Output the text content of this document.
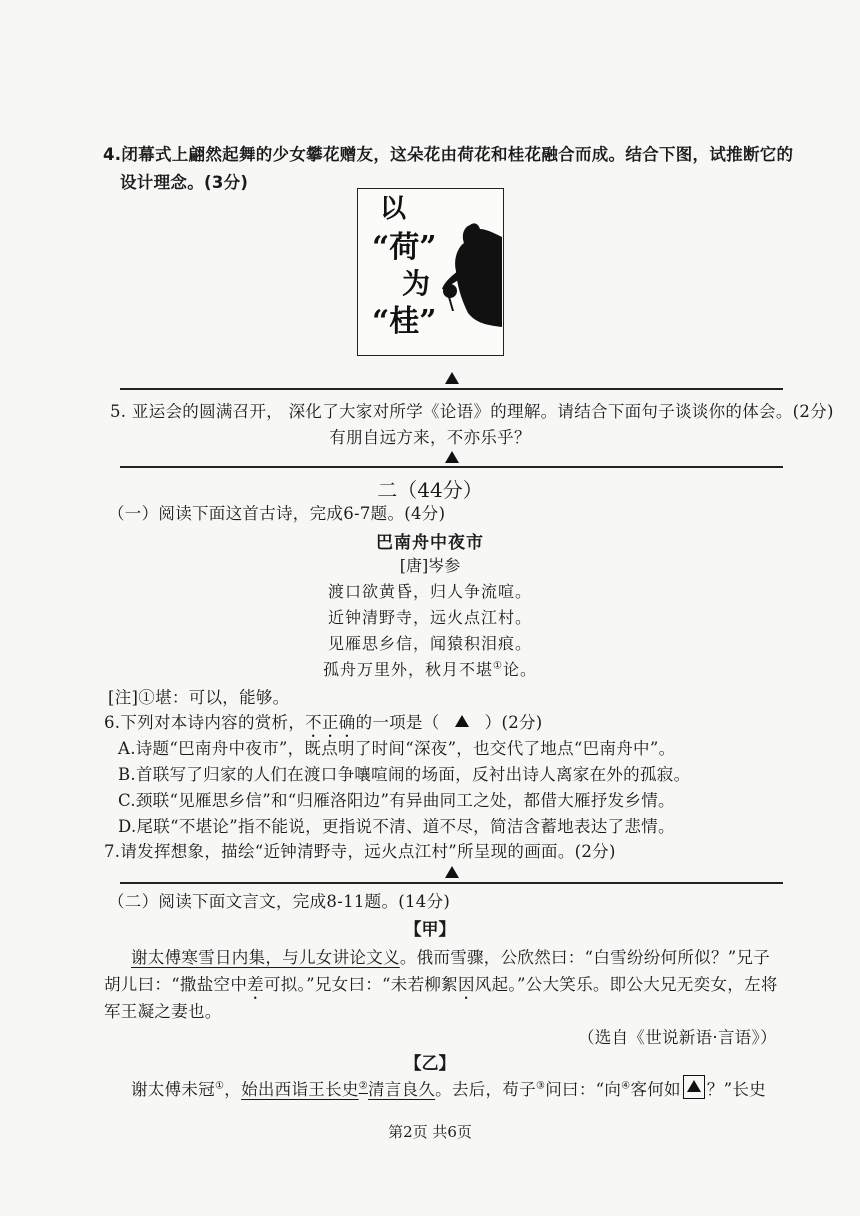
4.闭幕式上翩然起舞的少女攀花赠友，这朵花由荷花和桂花融合而成。结合下图，试推断它的
设计理念。(3分)
以
“荷”
为
“桂”
5. 亚运会的圆满召开， 深化了大家对所学《论语》的理解。请结合下面句子谈谈你的体会。(2分)
有朋自远方来，不亦乐乎？
二（44分）
（一）阅读下面这首古诗，完成6-7题。(4分)
巴南舟中夜市
[唐]岑参
渡口欲黄昏，归人争流喧。
近钟清野寺，远火点江村。
见雁思乡信，闻猿积泪痕。
孤舟万里外，秋月不堪①论。
[注]①堪：可以，能够。
6.下列对本诗内容的赏析，不正确的一项是（	）(2分)
A.诗题“巴南舟中夜市”，既点明了时间“深夜”，也交代了地点“巴南舟中”。
B.首联写了归家的人们在渡口争嚷喧闹的场面，反衬出诗人离家在外的孤寂。
C.颈联“见雁思乡信”和“归雁洛阳边”有异曲同工之处，都借大雁抒发乡情。
D.尾联“不堪论”指不能说，更指说不清、道不尽，简洁含蓄地表达了悲情。
7.请发挥想象，描绘“近钟清野寺，远火点江村”所呈现的画面。(2分)
（二）阅读下面文言文，完成8-11题。(14分)
【甲】
谢太傅寒雪日内集，与儿女讲论文义。俄而雪骤，公欣然曰：“白雪纷纷何所似？”兄子
胡儿曰：“撒盐空中差可拟。”兄女曰：“未若柳絮因风起。”公大笑乐。即公大兄无奕女，左将
军王凝之妻也。
（选自《世说新语·言语》）
【乙】
谢太傅未冠①，始出西诣王长史②清言良久。去后，苟子③问曰：“向④客何如 ？”长史
第2页 共6页
